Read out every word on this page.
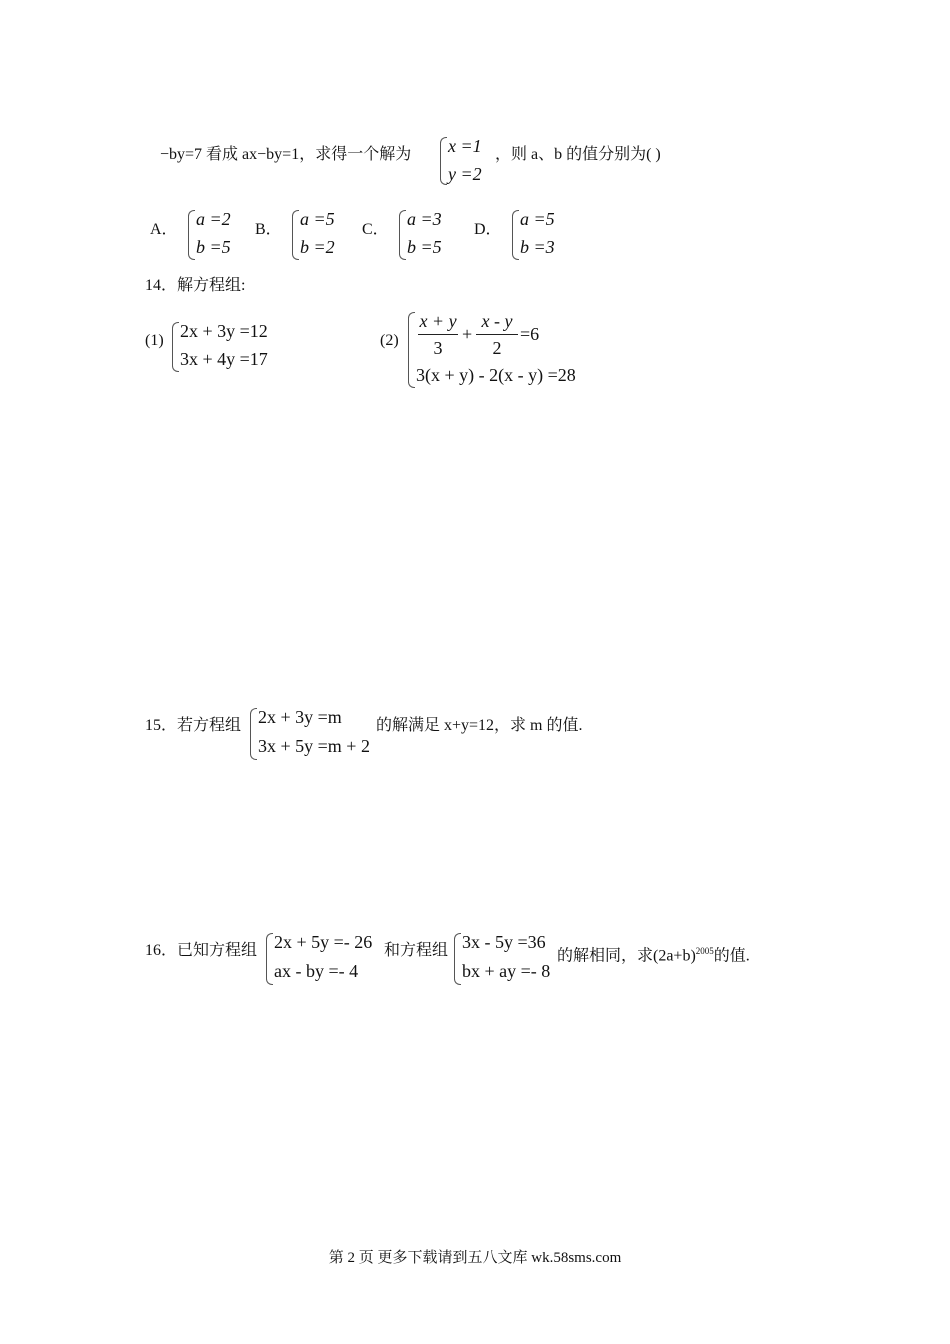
−by=7 看成 ax−by=1，求得一个解为 x =1
y =2
，则 a、b 的值分别为( )
A．
a =2
b =5
B．
a =5
b =2
C．
a =3
b =5
D．
a =5
b =3
14．解方程组:
(1) 2x + 3y =12
3x + 4y =17
(2)
x + y
3
+
x - y
2
=6
3(x + y) - 2(x - y) =28
15．若方程组 2x + 3y =m
3x + 5y =m + 2
的解满足 x+y=12，求 m 的值.
16．已知方程组 2x + 5y =- 26
ax - by =- 4
和方程组 3x - 5y =36
bx + ay =- 8
的解相同，求$(2a+b)^{2005}$的值.
第 2 页 更多下载请到五八文库 wk.58sms.com
